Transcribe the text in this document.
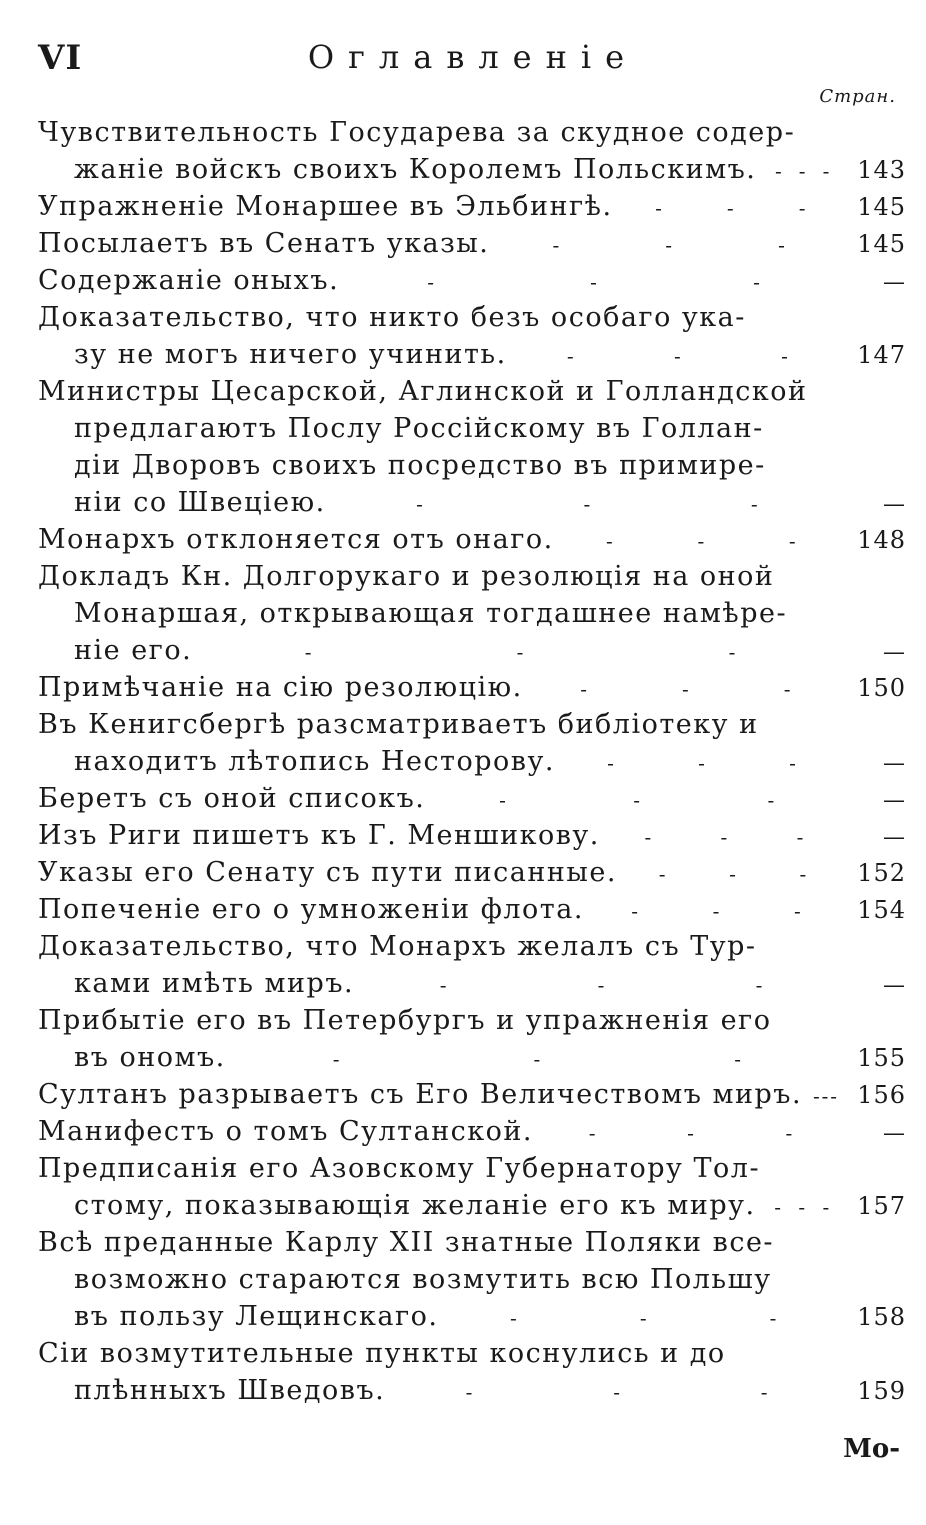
VI	Оглавленіе
Стран.
Чувствительность Государева за скудное содер-
жаніе войскъ своихъ Королемъ Польскимъ. - - -	143
Упражненіе Монаршее въ Эльбингѣ. -	-	-	145
Посылаетъ въ Сенатъ указы.	-	-	-	145
Содержаніе оныхъ.	-	-	-	—
Доказательство, что никто безъ особаго ука-
зу не могъ ничего учинить.	-	-	-	147
Министры Цесарской, Аглинской и Голландской
предлагаютъ Послу Россійскому въ Голлан-
діи Дворовъ своихъ посредство въ примире-
ніи со Швеціею.	-	-	-	—
Монархъ отклоняется отъ онаго.	-	-	-	148
Докладъ Кн. Долгорукаго и резолюція на оной
Монаршая, открывающая тогдашнее намѣре-
ніе его.	-	-	-	—
Примѣчаніе на сію резолюцію.	-	-	-	150
Въ Кенигсбергѣ разсматриваетъ библіотеку и
находитъ лѣтопись Несторову.	-	-	-	—
Беретъ съ оной списокъ.	-	-	-	—
Изъ Риги пишетъ къ Г. Меншикову. -	-	-	—
Указы его Сенату съ пути писанные. -	-	-	152
Попеченіе его о умноженіи флота. -	-	-	154
Доказательство, что Монархъ желалъ съ Тур-
ками имѣть миръ.	-	-	-	—
Прибытіе его въ Петербургъ и упражненія его
въ ономъ.	-	-	-	155
Султанъ разрываетъ съ Его Величествомъ миръ. - - - 156
Манифестъ о томъ Султанской.	-	-	-	—
Предписанія его Азовскому Губернатору Тол-
стому, показывающія желаніе его къ миру. - - -	157
Всѣ преданные Карлу XII знатные Поляки все-
возможно стараются возмутить всю Польшу
въ пользу Лещинскаго.	-	-	-	158
Сіи возмутительные пункты коснулись и до
плѣнныхъ Шведовъ.	-	-	-	159
Мо-
